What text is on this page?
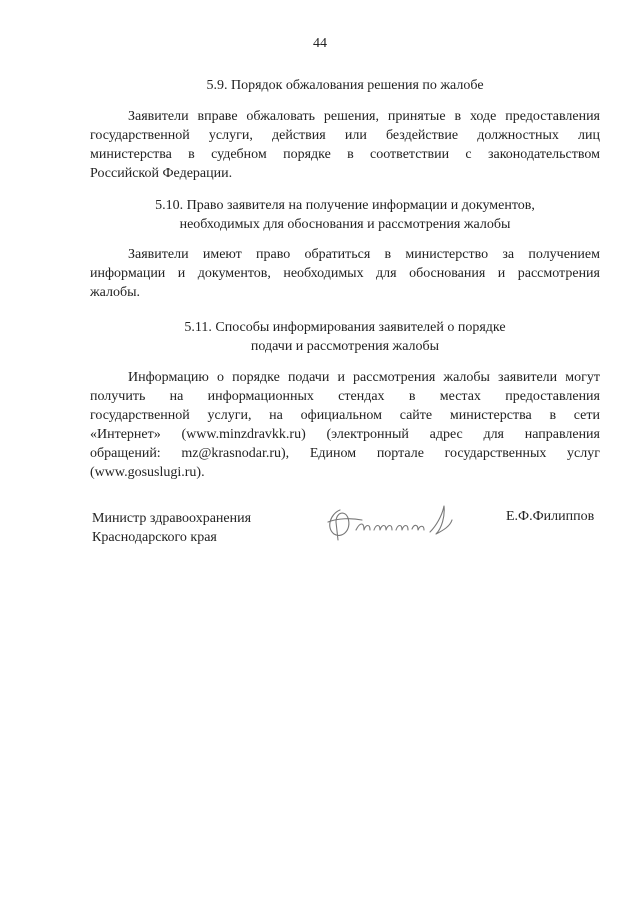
44
5.9. Порядок обжалования решения по жалобе
Заявители вправе обжаловать решения, принятые в ходе предоставления
государственной услуги, действия или бездействие должностных лиц
министерства в судебном порядке в соответствии с законодательством
Российской Федерации.
5.10. Право заявителя на получение информации и документов,
необходимых для обоснования и рассмотрения жалобы
Заявители имеют право обратиться в министерство за получением
информации и документов, необходимых для обоснования и рассмотрения
жалобы.
5.11. Способы информирования заявителей о порядке
подачи и рассмотрения жалобы
Информацию о порядке подачи и рассмотрения жалобы заявители могут
получить на информационных стендах в местах предоставления
государственной услуги, на официальном сайте министерства в сети
«Интернет» (www.minzdravkk.ru) (электронный адрес для направления
обращений: mz@krasnodar.ru), Едином портале государственных услуг
(www.gosuslugi.ru).
Министр здравоохранения
Краснодарского края
Е.Ф.Филиппов
